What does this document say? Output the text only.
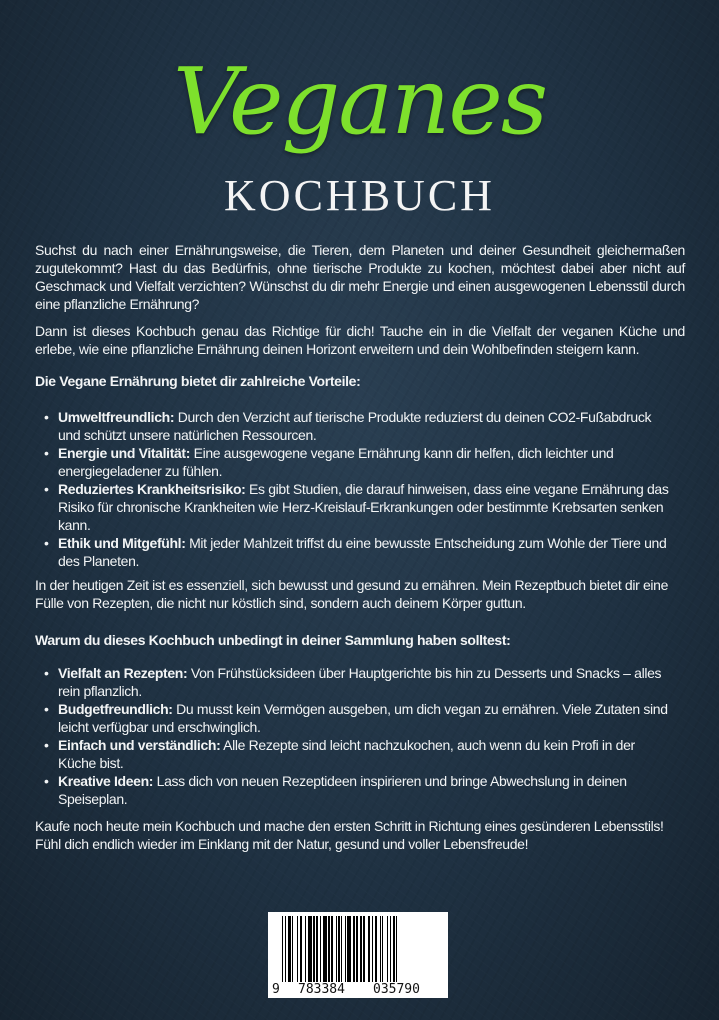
Veganes
KOCHBUCH
Suchst du nach einer Ernährungsweise, die Tieren, dem Planeten und deiner Gesundheit gleichermaßen zugutekommt? Hast du das Bedürfnis, ohne tierische Produkte zu kochen, möchtest dabei aber nicht auf Geschmack und Vielfalt verzichten? Wünschst du dir mehr Energie und einen ausgewogenen Lebensstil durch eine pflanzliche Ernährung?
Dann ist dieses Kochbuch genau das Richtige für dich! Tauche ein in die Vielfalt der veganen Küche und erlebe, wie eine pflanzliche Ernährung deinen Horizont erweitern und dein Wohlbefinden steigern kann.
Die Vegane Ernährung bietet dir zahlreiche Vorteile:
• Umweltfreundlich: Durch den Verzicht auf tierische Produkte reduzierst du deinen CO2-Fußabdruck und schützt unsere natürlichen Ressourcen.
• Energie und Vitalität: Eine ausgewogene vegane Ernährung kann dir helfen, dich leichter und energiegeladener zu fühlen.
• Reduziertes Krankheitsrisiko: Es gibt Studien, die darauf hinweisen, dass eine vegane Ernährung das Risiko für chronische Krankheiten wie Herz-Kreislauf-Erkrankungen oder bestimmte Krebsarten senken kann.
• Ethik und Mitgefühl: Mit jeder Mahlzeit triffst du eine bewusste Entscheidung zum Wohle der Tiere und des Planeten.
In der heutigen Zeit ist es essenziell, sich bewusst und gesund zu ernähren. Mein Rezeptbuch bietet dir eine Fülle von Rezepten, die nicht nur köstlich sind, sondern auch deinem Körper guttun.
Warum du dieses Kochbuch unbedingt in deiner Sammlung haben solltest:
• Vielfalt an Rezepten: Von Frühstücksideen über Hauptgerichte bis hin zu Desserts und Snacks – alles rein pflanzlich.
• Budgetfreundlich: Du musst kein Vermögen ausgeben, um dich vegan zu ernähren. Viele Zutaten sind leicht verfügbar und erschwinglich.
• Einfach und verständlich: Alle Rezepte sind leicht nachzukochen, auch wenn du kein Profi in der Küche bist.
• Kreative Ideen: Lass dich von neuen Rezeptideen inspirieren und bringe Abwechslung in deinen Speiseplan.
Kaufe noch heute mein Kochbuch und mache den ersten Schritt in Richtung eines gesünderen Lebensstils! Fühl dich endlich wieder im Einklang mit der Natur, gesund und voller Lebensfreude!
9 783384 035790
